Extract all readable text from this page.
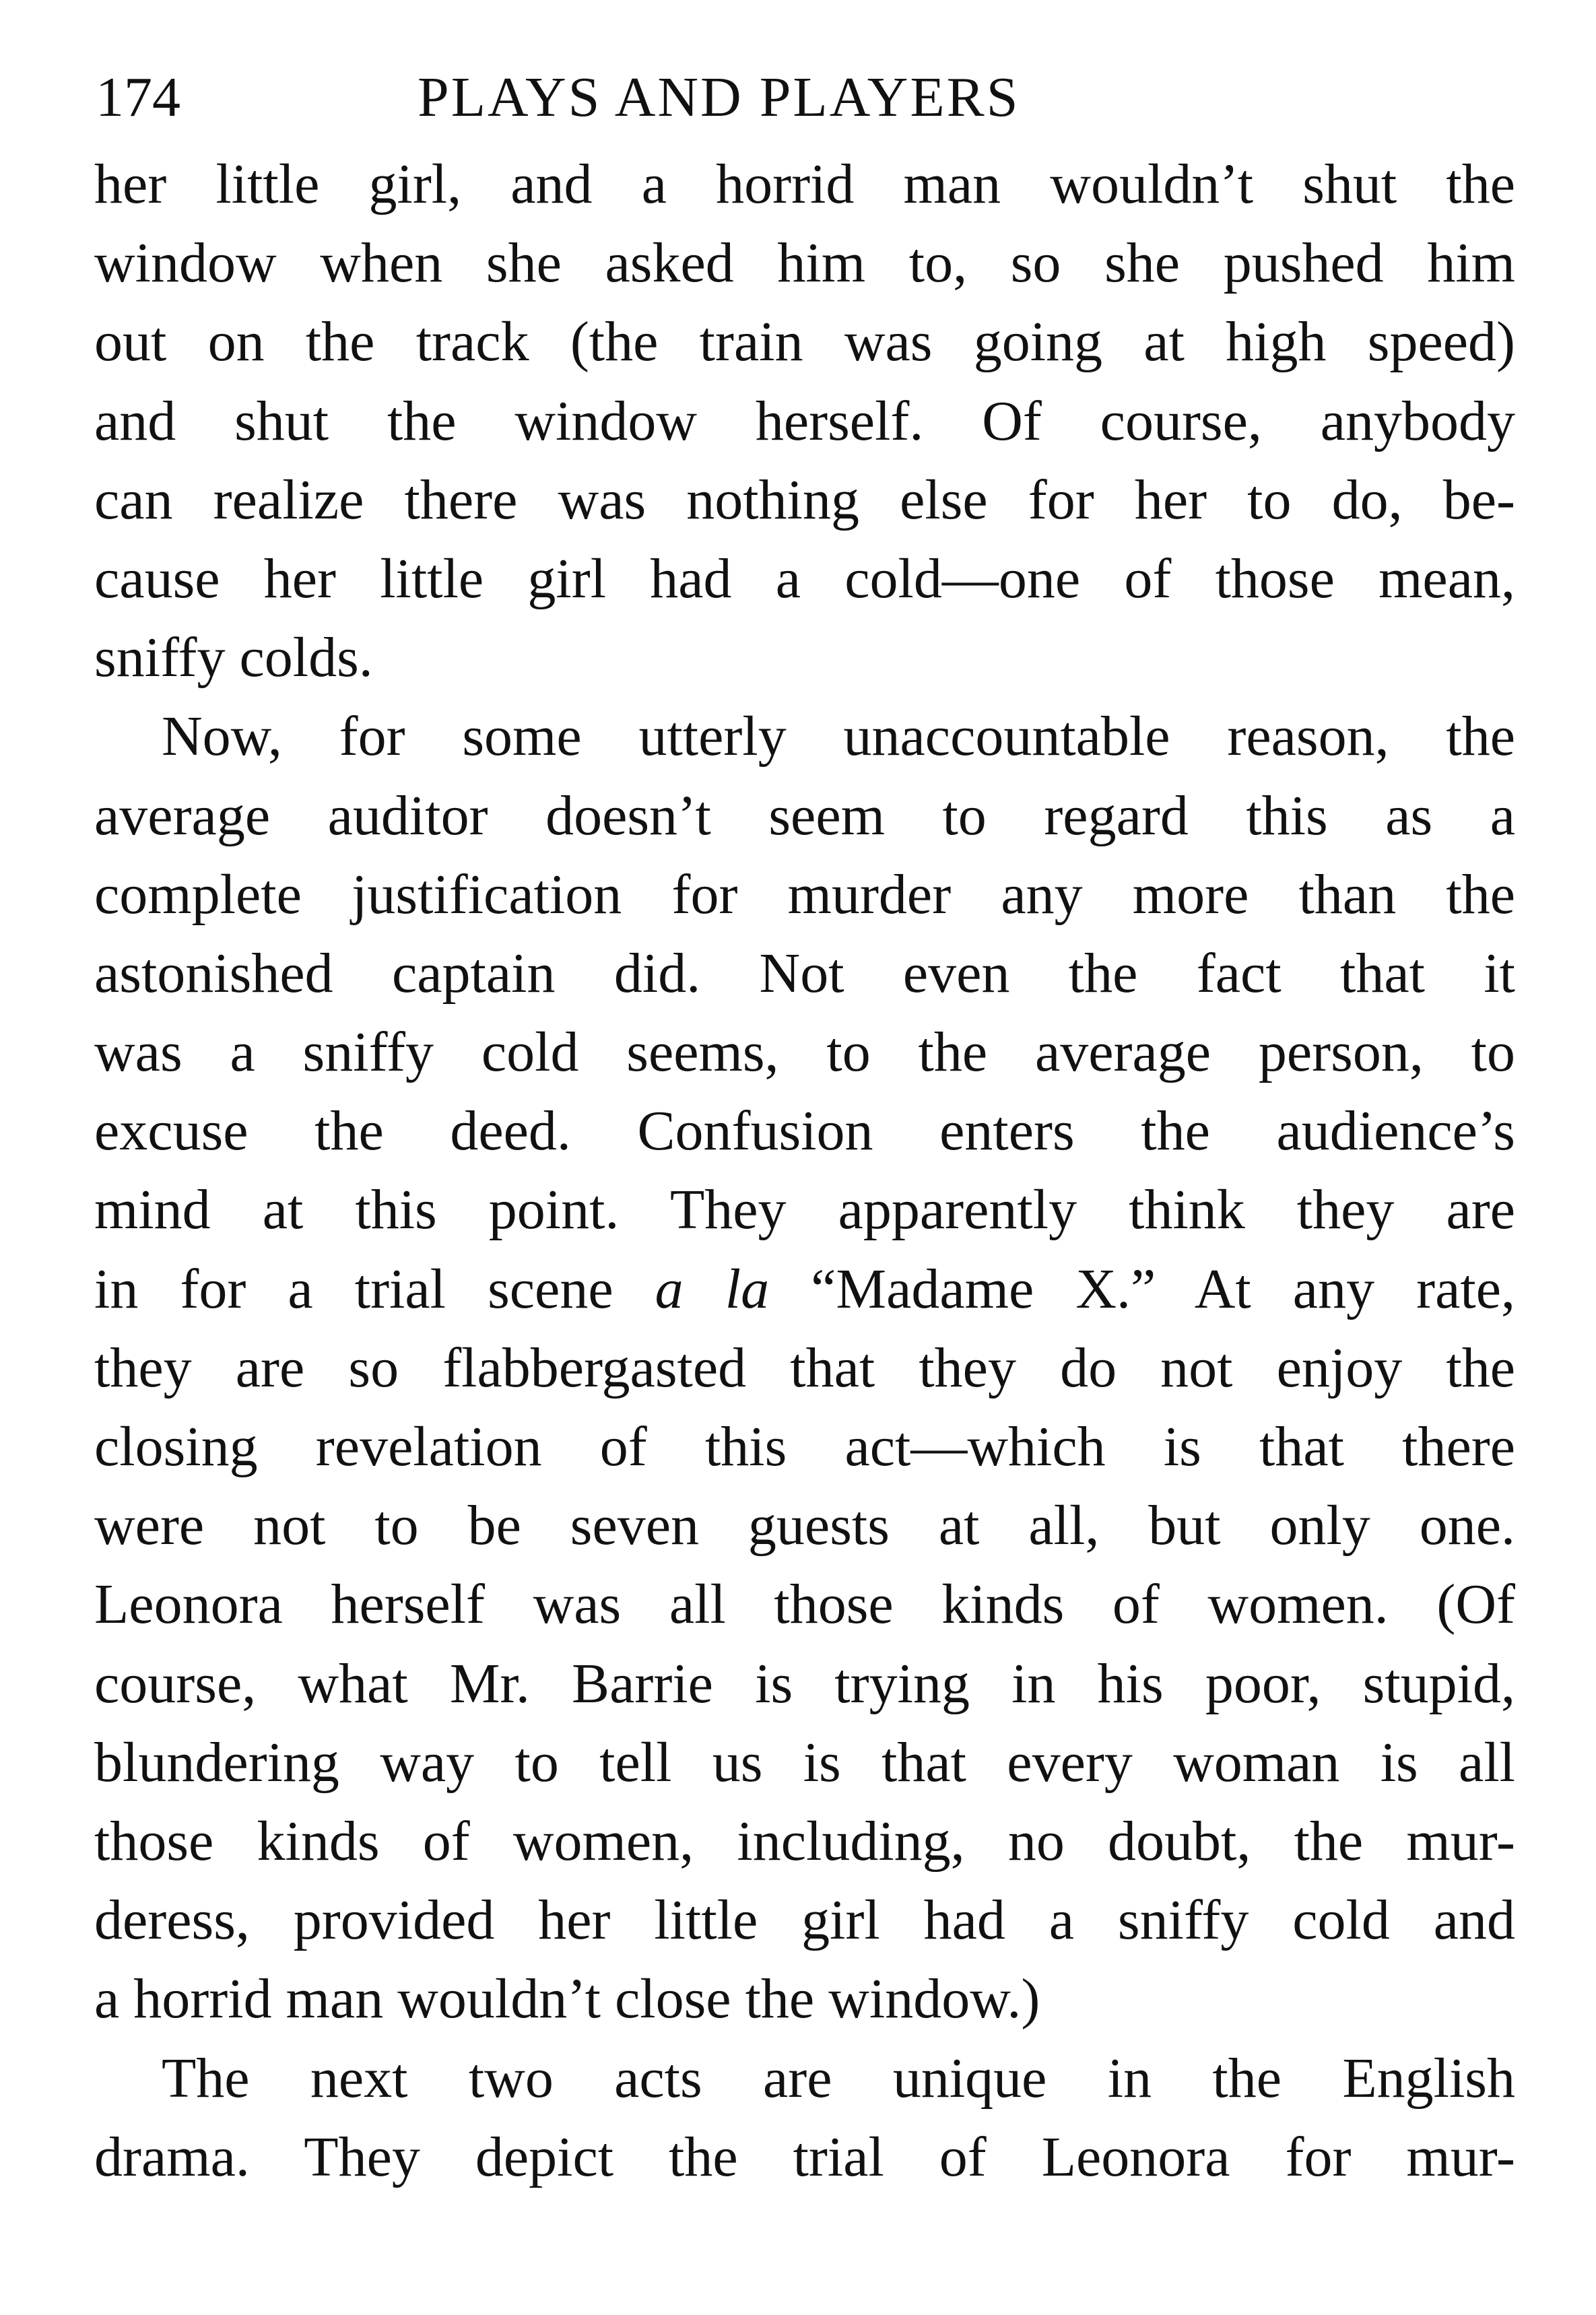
174	PLAYS AND PLAYERS
her little girl, and a horrid man wouldn’t shut the
window when she asked him to, so she pushed him
out on the track (the train was going at high speed)
and shut the window herself. Of course, anybody
can realize there was nothing else for her to do, be-
cause her little girl had a cold—one of those mean,
sniffy colds.
Now, for some utterly unaccountable reason, the
average auditor doesn’t seem to regard this as a
complete justification for murder any more than the
astonished captain did. Not even the fact that it
was a sniffy cold seems, to the average person, to
excuse the deed. Confusion enters the audience’s
mind at this point. They apparently think they are
in for a trial scene a la “Madame X.” At any rate,
they are so flabbergasted that they do not enjoy the
closing revelation of this act—which is that there
were not to be seven guests at all, but only one.
Leonora herself was all those kinds of women. (Of
course, what Mr. Barrie is trying in his poor, stupid,
blundering way to tell us is that every woman is all
those kinds of women, including, no doubt, the mur-
deress, provided her little girl had a sniffy cold and
a horrid man wouldn’t close the window.)
The next two acts are unique in the English
drama. They depict the trial of Leonora for mur-
